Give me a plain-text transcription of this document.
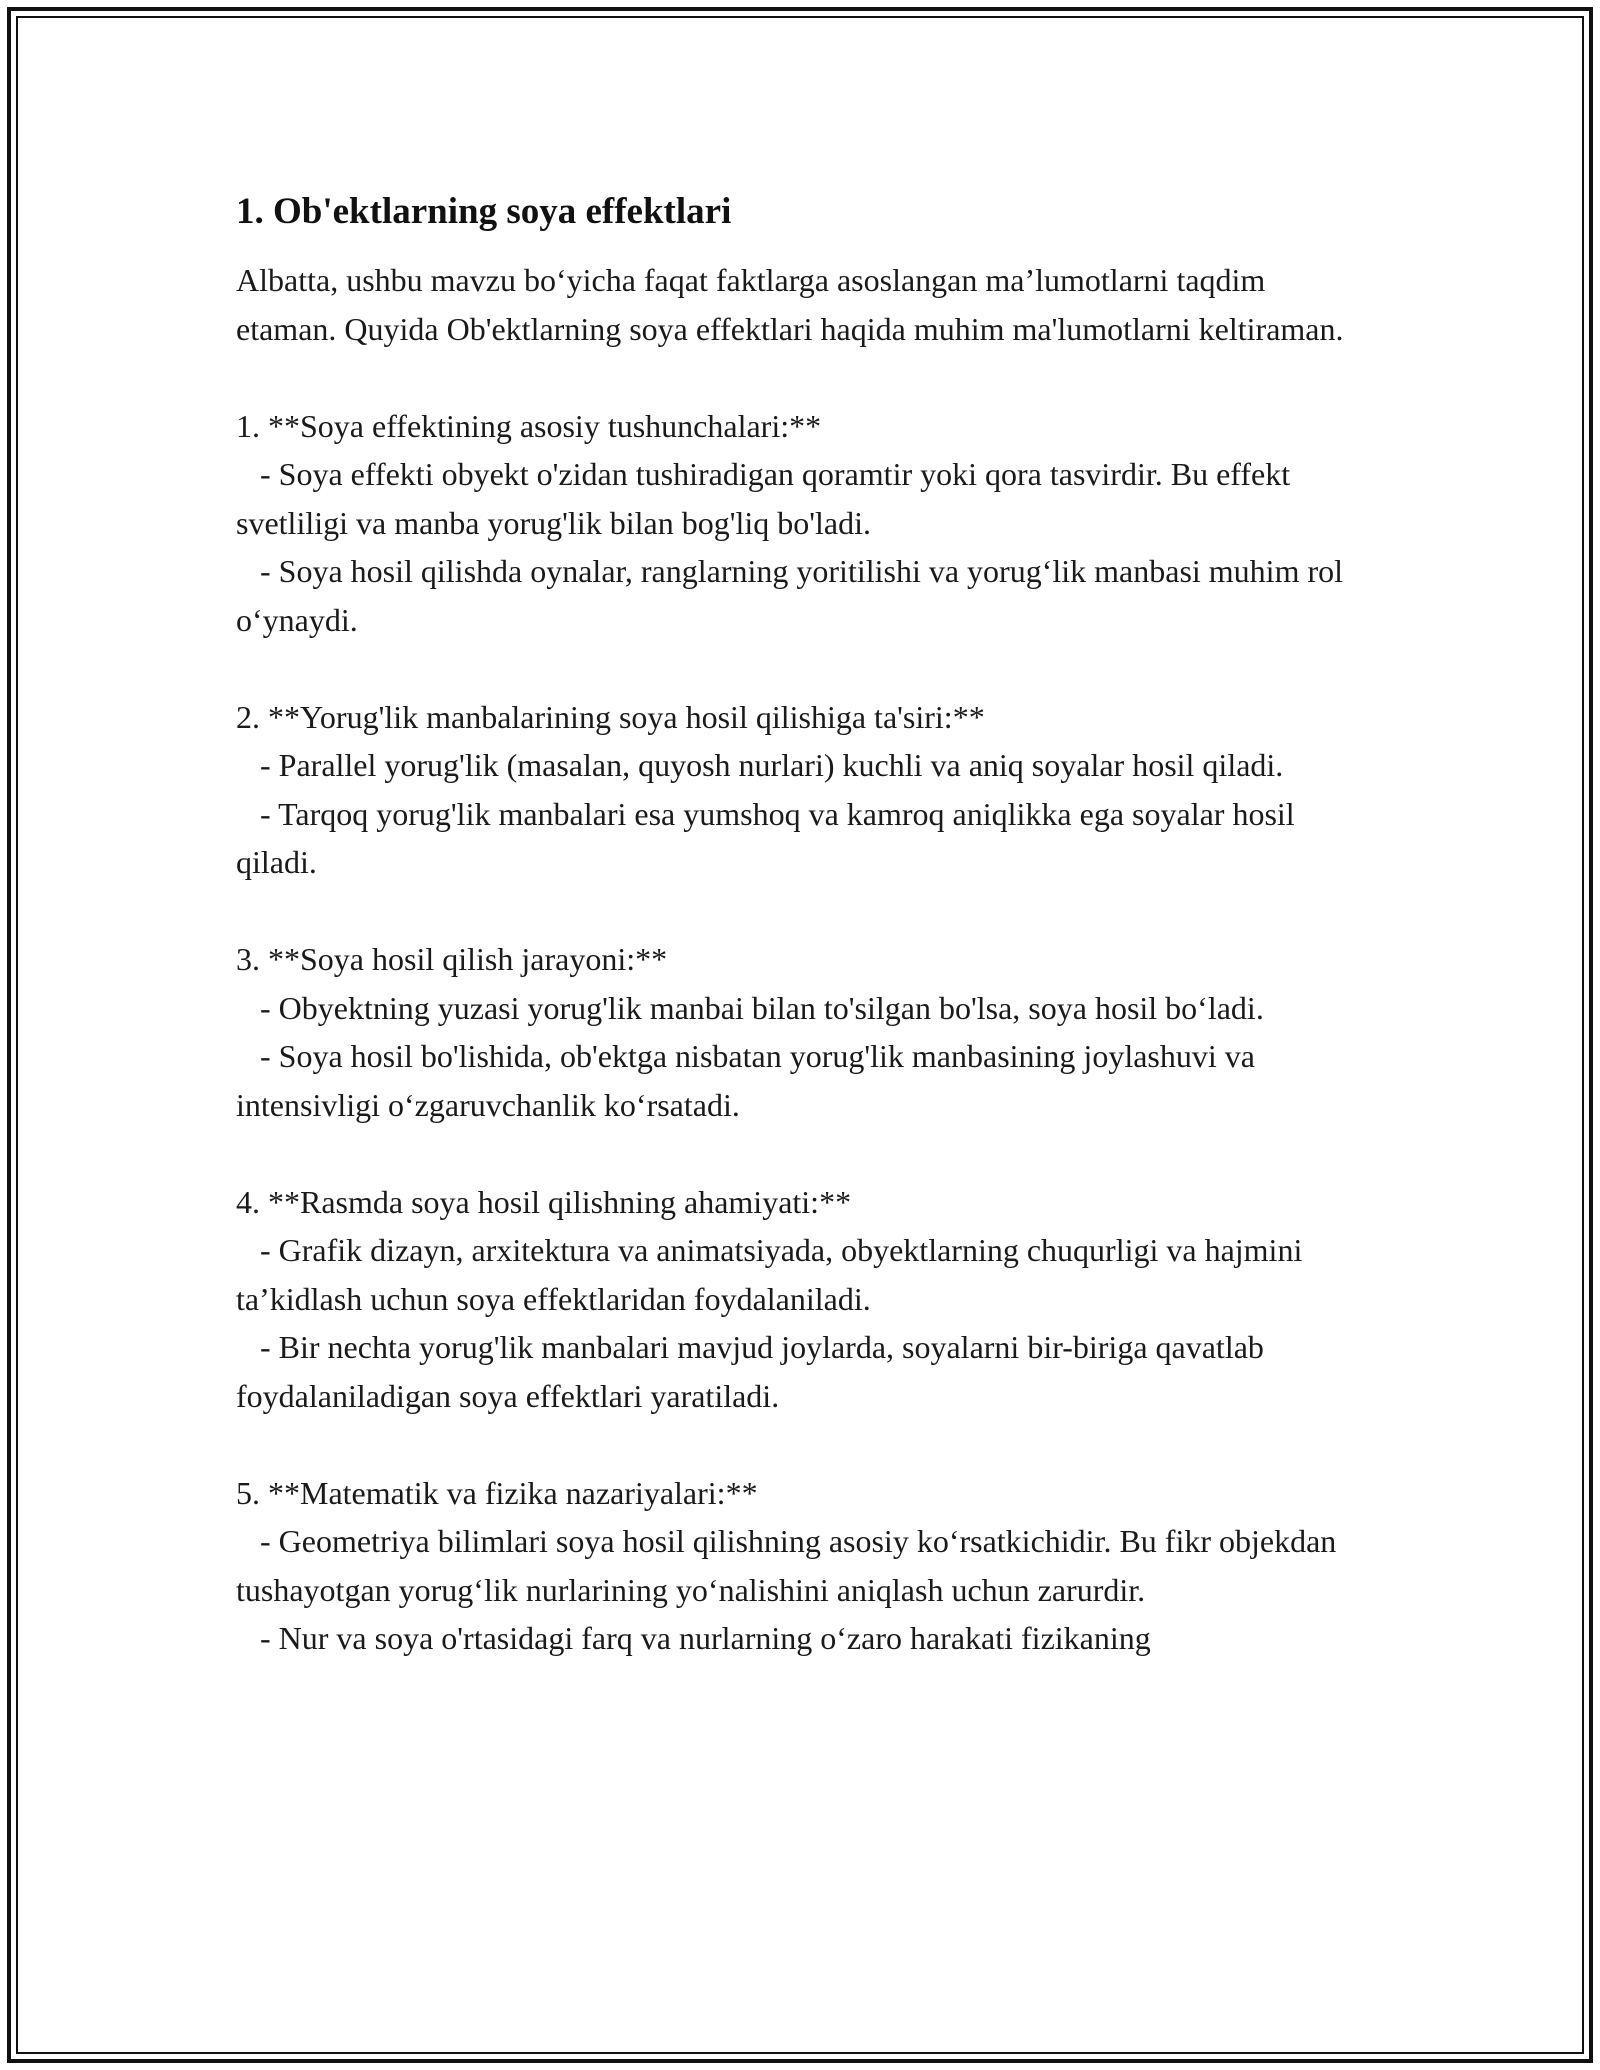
1. Ob'ektlarning soya effektlari

Albatta, ushbu mavzu bo‘yicha faqat faktlarga asoslangan ma’lumotlarni taqdim etaman. Quyida Ob'ektlarning soya effektlari haqida muhim ma'lumotlarni keltiraman.

1. **Soya effektining asosiy tushunchalari:**

- Soya effekti obyekt o'zidan tushiradigan qoramtir yoki qora tasvirdir. Bu effekt svetliligi va manba yorug'lik bilan bog'liq bo'ladi.

- Soya hosil qilishda oynalar, ranglarning yoritilishi va yorug‘lik manbasi muhim rol o‘ynaydi.

2. **Yorug'lik manbalarining soya hosil qilishiga ta'siri:**

- Parallel yorug'lik (masalan, quyosh nurlari) kuchli va aniq soyalar hosil qiladi.

- Tarqoq yorug'lik manbalari esa yumshoq va kamroq aniqlikka ega soyalar hosil qiladi.

3. **Soya hosil qilish jarayoni:**

- Obyektning yuzasi yorug'lik manbai bilan to'silgan bo'lsa, soya hosil bo‘ladi.

- Soya hosil bo'lishida, ob'ektga nisbatan yorug'lik manbasining joylashuvi va intensivligi o‘zgaruvchanlik ko‘rsatadi.

4. **Rasmda soya hosil qilishning ahamiyati:**

- Grafik dizayn, arxitektura va animatsiyada, obyektlarning chuqurligi va hajmini ta’kidlash uchun soya effektlaridan foydalaniladi.

- Bir nechta yorug'lik manbalari mavjud joylarda, soyalarni bir-biriga qavatlab foydalaniladigan soya effektlari yaratiladi.

5. **Matematik va fizika nazariyalari:**

- Geometriya bilimlari soya hosil qilishning asosiy ko‘rsatkichidir. Bu fikr objekdan tushayotgan yorug‘lik nurlarining yo‘nalishini aniqlash uchun zarurdir.

- Nur va soya o'rtasidagi farq va nurlarning o‘zaro harakati fizikaning
